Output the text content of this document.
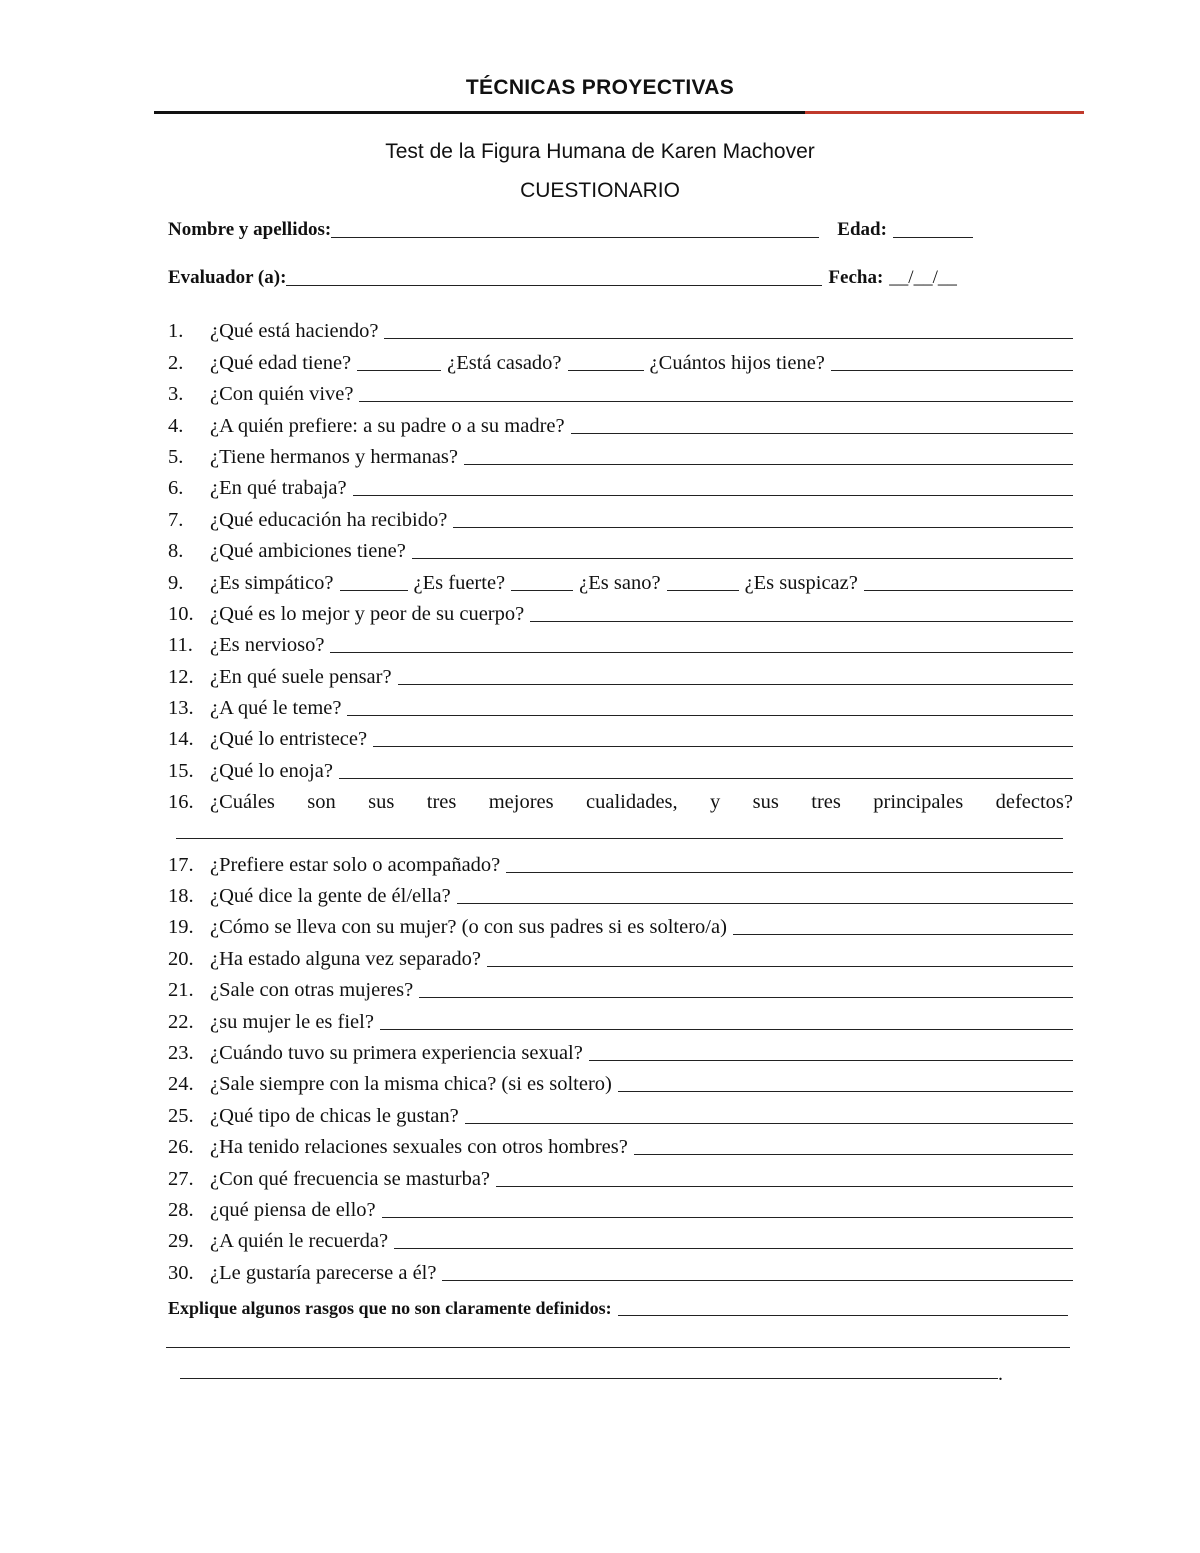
TÉCNICAS PROYECTIVAS
Test de la Figura Humana de Karen Machover
CUESTIONARIO
Nombre y apellidos:	Edad:
Evaluador (a):	Fecha: __/__/__
1.	¿Qué está haciendo?
2.	¿Qué edad tiene?	¿Está casado?	¿Cuántos hijos tiene?
3.	¿Con quién vive?
4.	¿A quién prefiere: a su padre o a su madre?
5.	¿Tiene hermanos y hermanas?
6.	¿En qué trabaja?
7.	¿Qué educación ha recibido?
8.	¿Qué ambiciones tiene?
9.	¿Es simpático?	¿Es fuerte?	¿Es sano?	¿Es suspicaz?
10. ¿Qué es lo mejor y peor de su cuerpo?
11. ¿Es nervioso?
12. ¿En qué suele pensar?
13. ¿A qué le teme?
14. ¿Qué lo entristece?
15. ¿Qué lo enoja?
16. ¿Cuáles son sus tres mejores cualidades, y sus tres principales defectos?
17. ¿Prefiere estar solo o acompañado?
18. ¿Qué dice la gente de él/ella?
19. ¿Cómo se lleva con su mujer? (o con sus padres si es soltero/a)
20. ¿Ha estado alguna vez separado?
21. ¿Sale con otras mujeres?
22. ¿su mujer le es fiel?
23. ¿Cuándo tuvo su primera experiencia sexual?
24. ¿Sale siempre con la misma chica? (si es soltero)
25. ¿Qué tipo de chicas le gustan?
26. ¿Ha tenido relaciones sexuales con otros hombres?
27. ¿Con qué frecuencia se masturba?
28. ¿qué piensa de ello?
29. ¿A quién le recuerda?
30. ¿Le gustaría parecerse a él?
Explique algunos rasgos que no son claramente definidos:
.
